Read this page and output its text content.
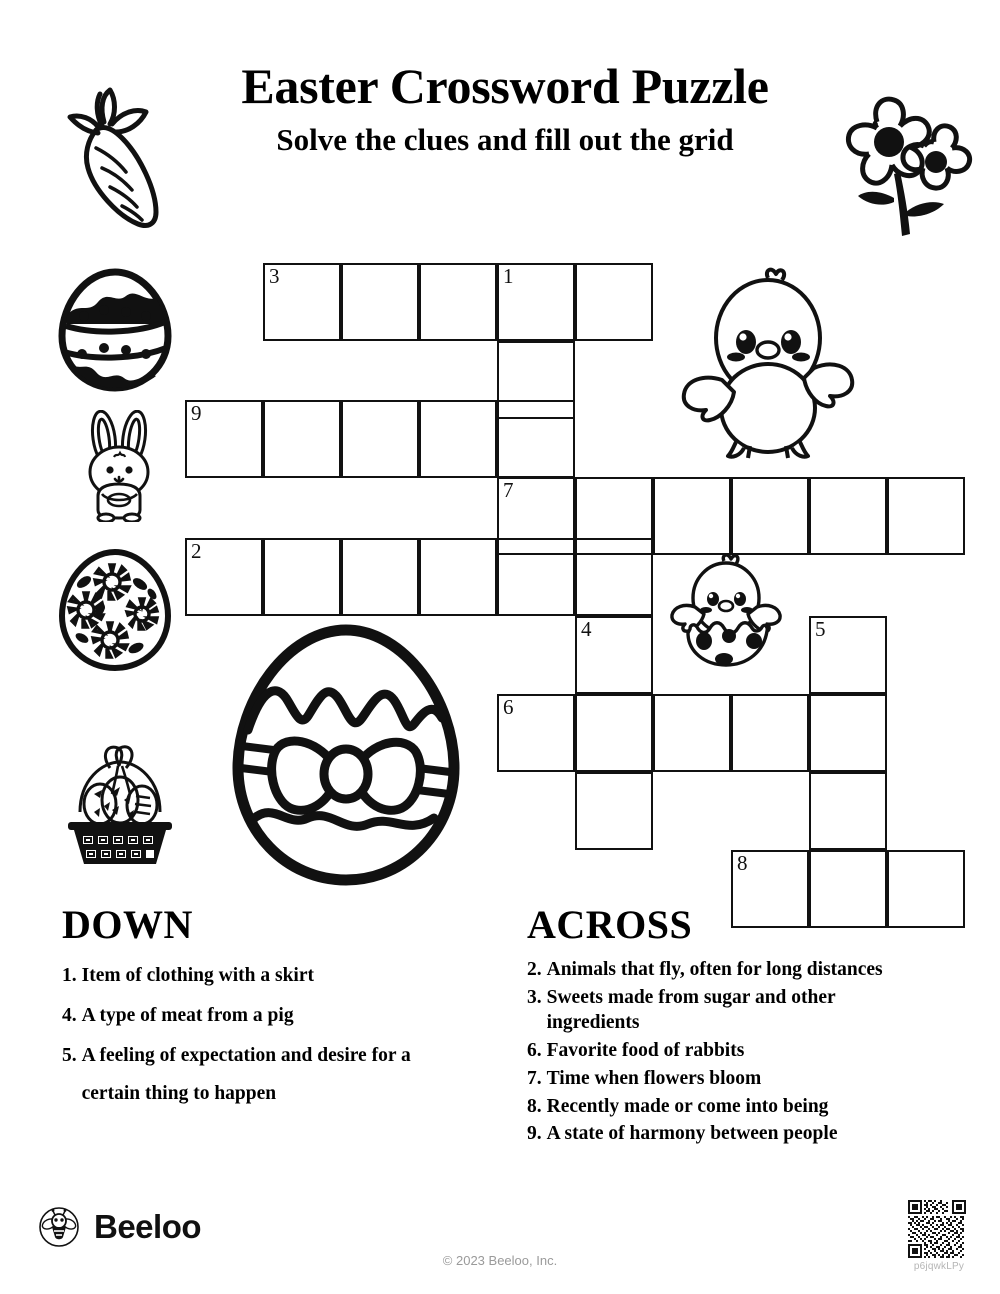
Easter Crossword Puzzle

Solve the clues and fill out the grid

3	1
9
7
2
4	5
6
8
DOWN
1. Item of clothing with a skirt
4. A type of meat from a pig
5. A feeling of expectation and desire for a certain thing to happen
ACROSS
2. Animals that fly, often for long distances
3. Sweets made from sugar and other ingredients
6. Favorite food of rabbits
7. Time when flowers bloom
8. Recently made or come into being
9. A state of harmony between people
Beeloo
© 2023 Beeloo, Inc.	p6jqwkLPy
